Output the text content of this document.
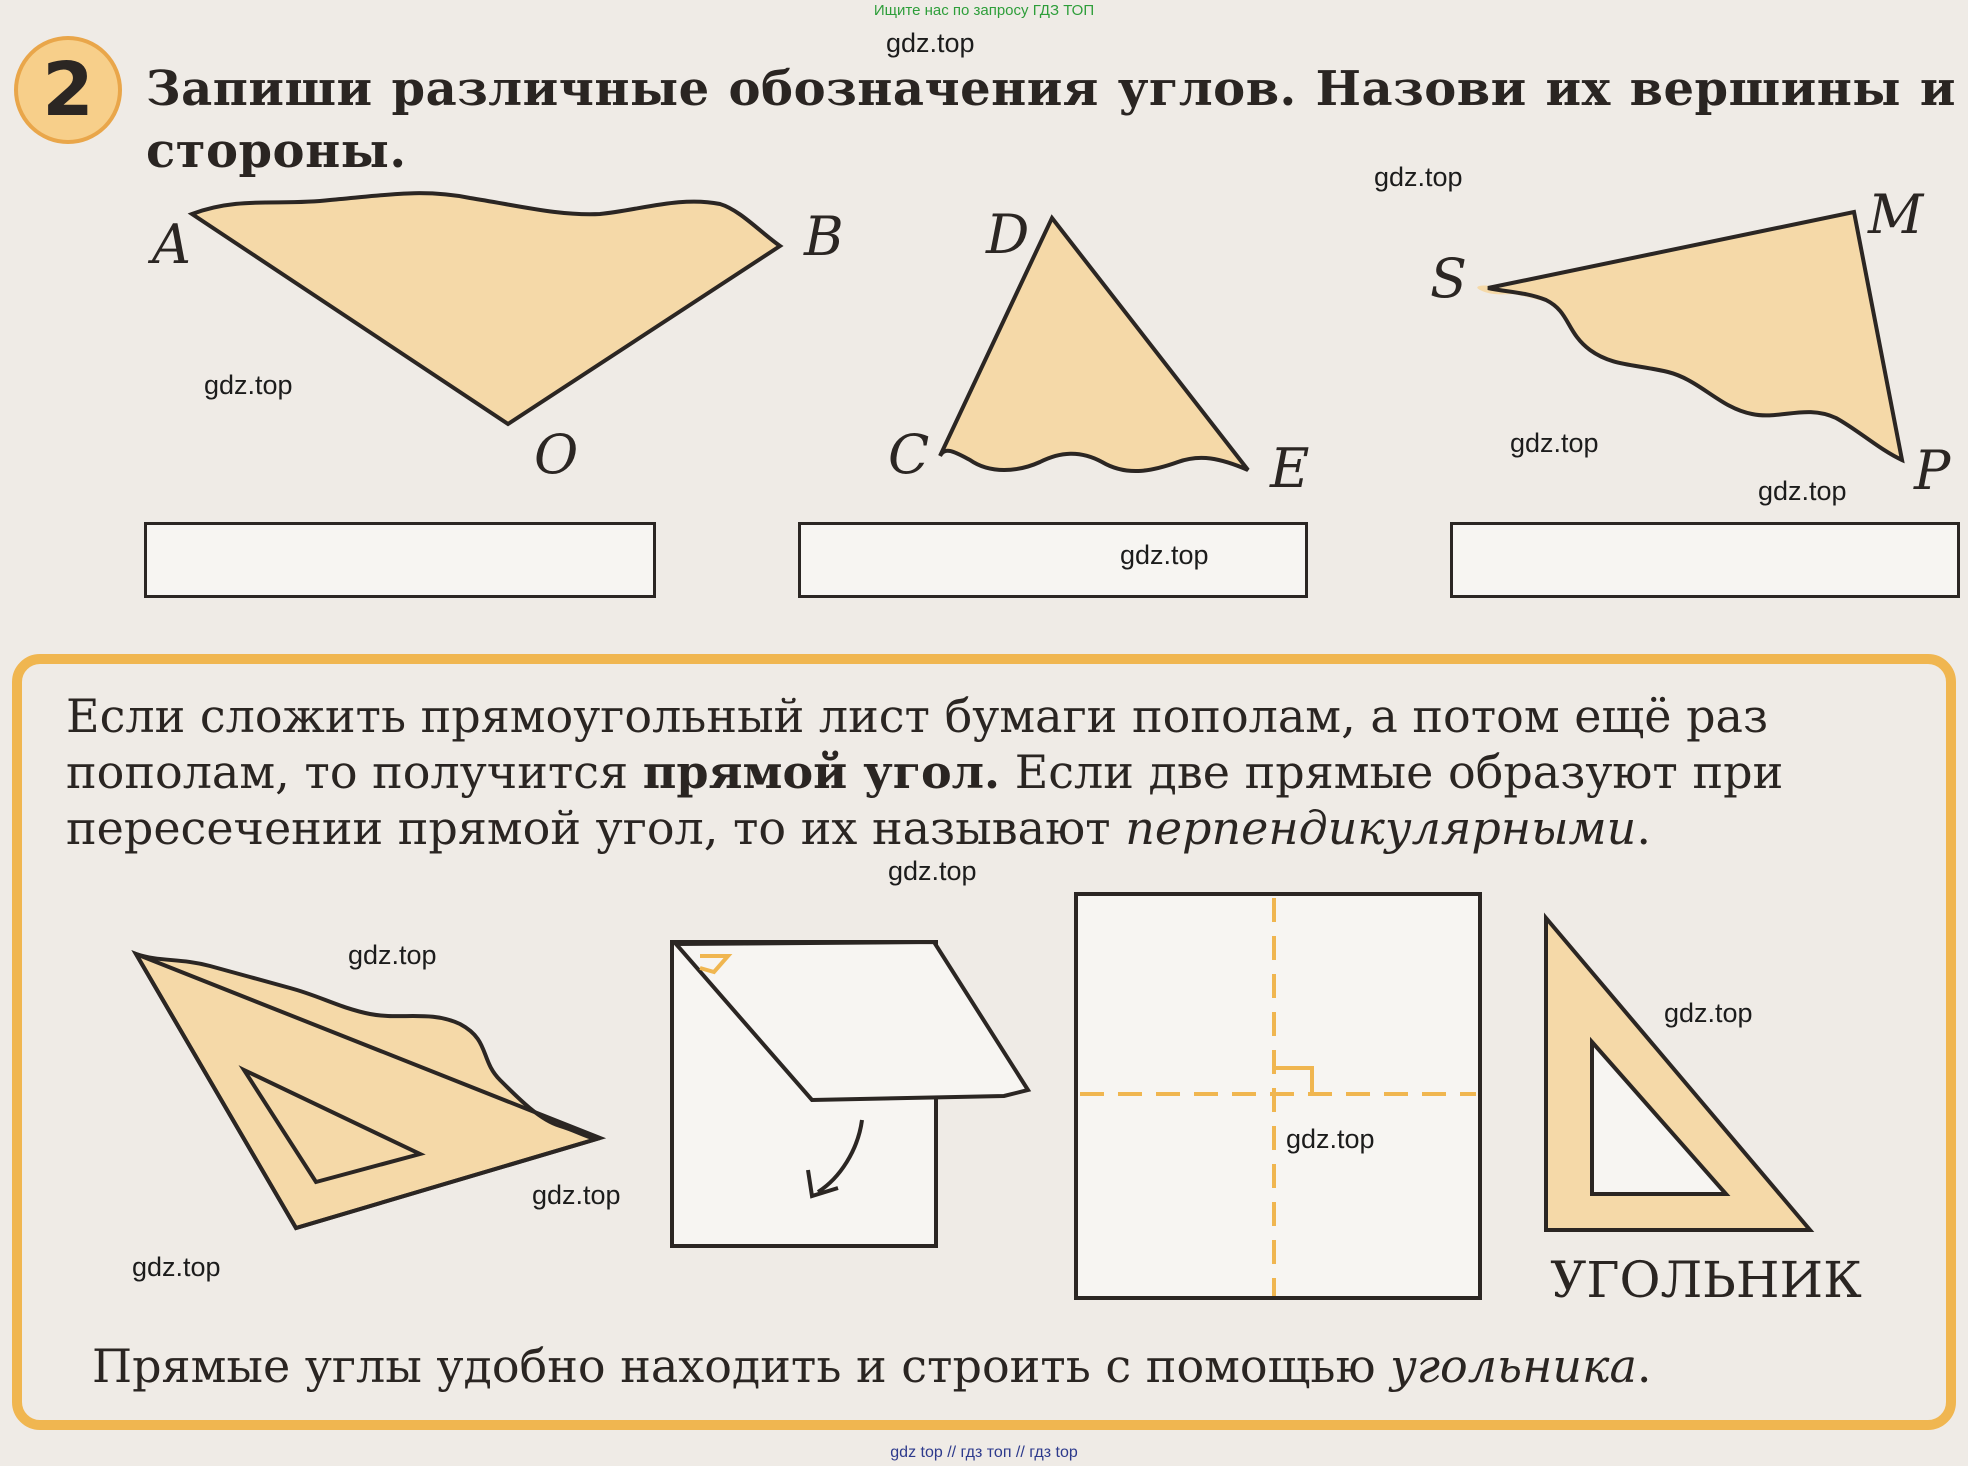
Ищите нас по запросу ГДЗ ТОП
2	Запиши различные обозначения углов. Назови их вершины и стороны.
A	B
O
D
C	E
S
M
P
Если сложить прямоугольный лист бумаги пополам, а потом ещё раз пополам, то получится прямой угол. Если две прямые образуют при пересечении прямой угол, то их называют перпендикулярными.
УГОЛЬНИК
Прямые углы удобно находить и строить с помощью угольника.
gdz.top
gdz.top
gdz.top
gdz.top
gdz.top
gdz.top
gdz.top
gdz.top
gdz.top
gdz.top
gdz.top
gdz.top
gdz top // гдз топ // гдз top
